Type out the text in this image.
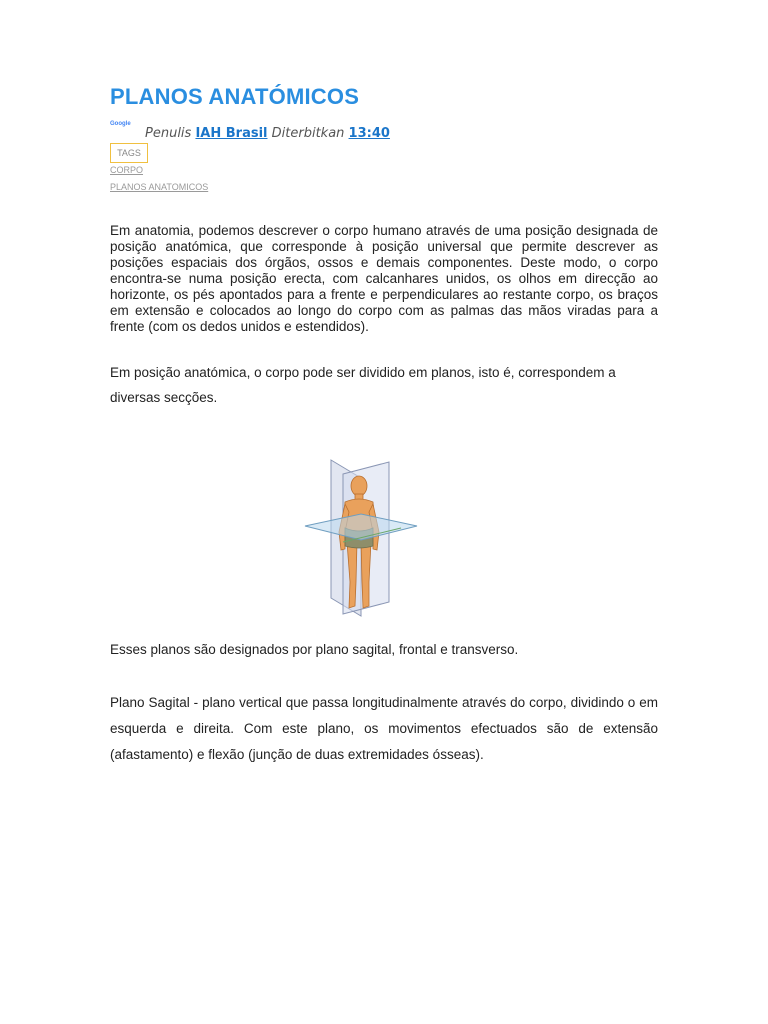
PLANOS ANATÓMICOS
Google
Penulis IAH Brasil Diterbitkan 13:40
TAGS
CORPO
PLANOS ANATOMICOS

Em anatomia, podemos descrever o corpo humano através de uma posição designada de posição anatómica, que corresponde à posição universal que permite descrever as posições espaciais dos órgãos, ossos e demais componentes. Deste modo, o corpo encontra-se numa posição erecta, com calcanhares unidos, os olhos em direcção ao horizonte, os pés apontados para a frente e perpendiculares ao restante corpo, os braços em extensão e colocados ao longo do corpo com as palmas das mãos viradas para a frente (com os dedos unidos e estendidos).

Em posição anatómica, o corpo pode ser dividido em planos, isto é, correspondem a diversas secções.

Esses planos são designados por plano sagital, frontal e transverso.

Plano Sagital - plano vertical que passa longitudinalmente através do corpo, dividindo o em esquerda e direita. Com este plano, os movimentos efectuados são de extensão (afastamento) e flexão (junção de duas extremidades ósseas).
